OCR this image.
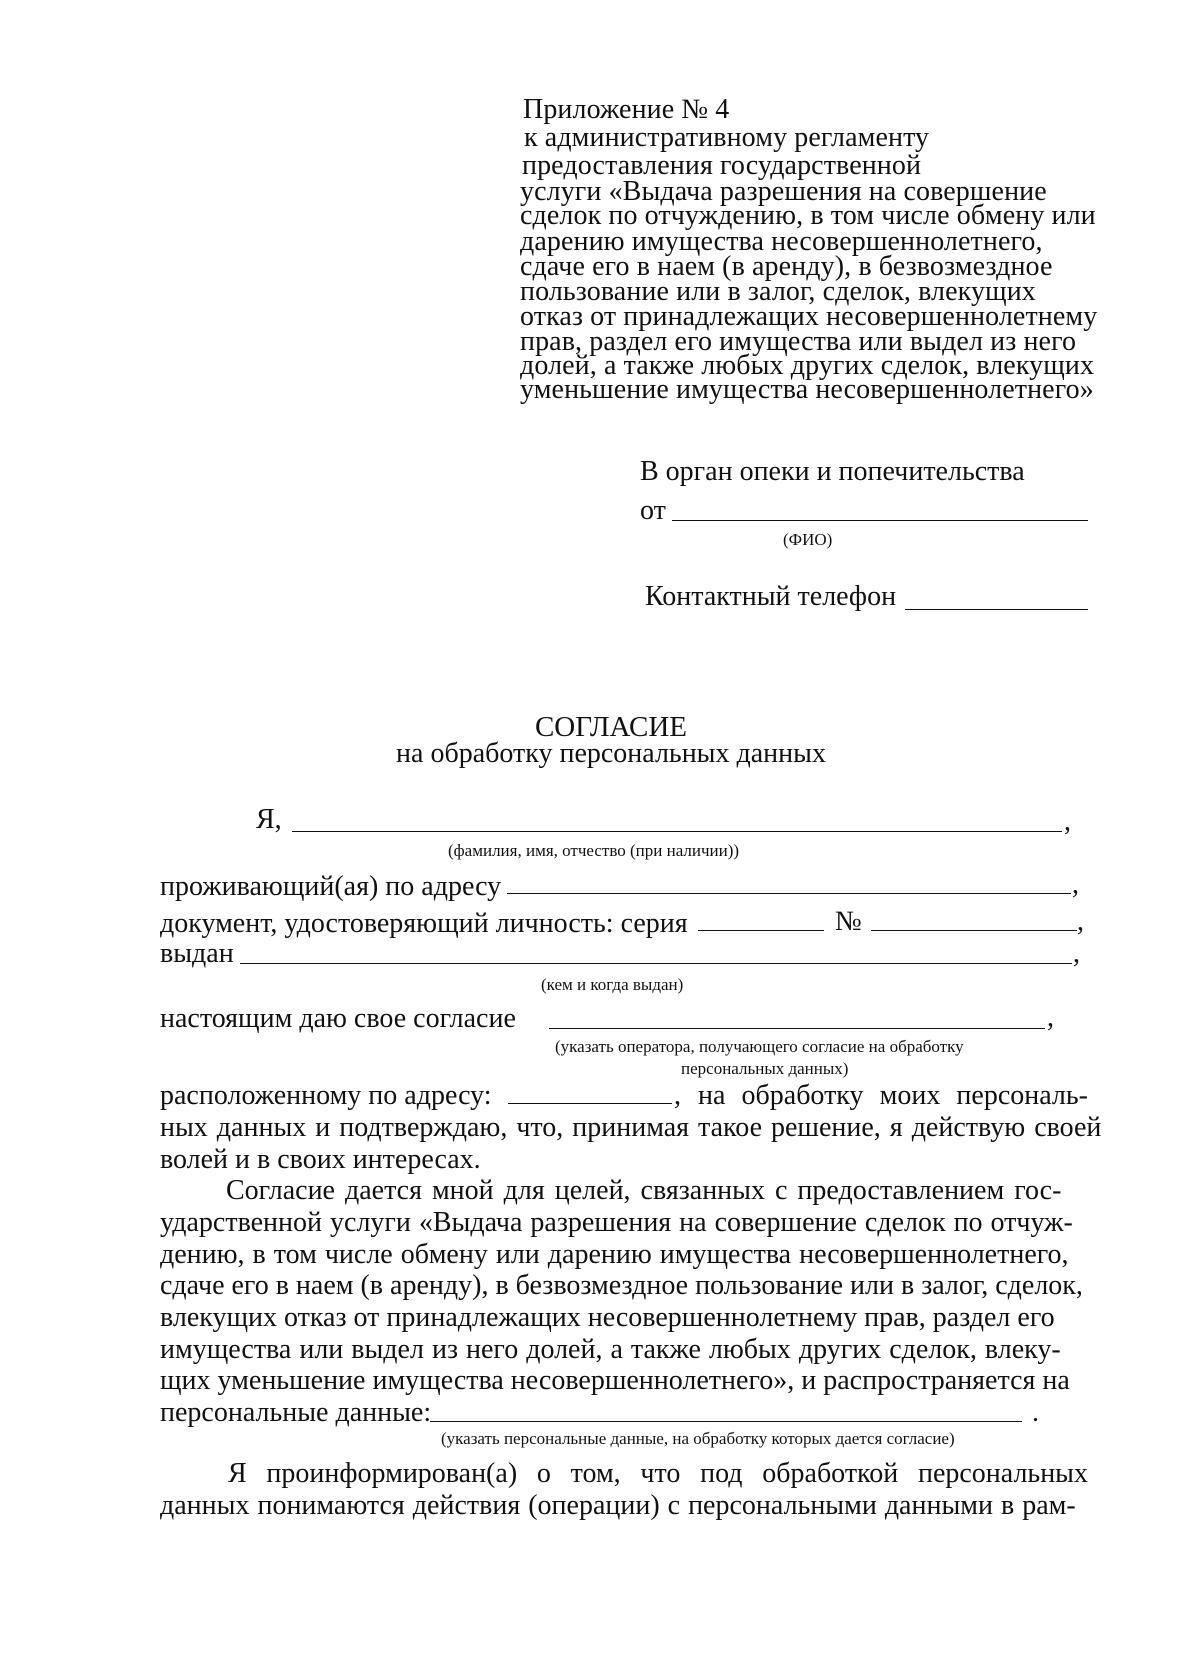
Приложение № 4
к административному регламенту
предоставления государственной
услуги «Выдача разрешения на совершение
сделок по отчуждению, в том числе обмену или
дарению имущества несовершеннолетнего,
сдаче его в наем (в аренду), в безвозмездное
пользование или в залог, сделок, влекущих
отказ от принадлежащих несовершеннолетнему
прав, раздел его имущества или выдел из него
долей, а также любых других сделок, влекущих
уменьшение имущества несовершеннолетнего»
В орган опеки и попечительства
от
(ФИО)
Контактный телефон
СОГЛАСИЕ
на обработку персональных данных
Я,	,
(фамилия, имя, отчество (при наличии))
проживающий(ая) по адресу	,
документ, удостоверяющий личность: серия	№	,
выдан	,
(кем и когда выдан)
настоящим даю свое согласие	,
(указать оператора, получающего согласие на обработку
персональных данных)
расположенному по адресу:	, на обработку моих персональ-
ных данных и подтверждаю, что, принимая такое решение, я действую своей
волей и в своих интересах.
Согласие дается мной для целей, связанных с предоставлением гос-
ударственной услуги «Выдача разрешения на совершение сделок по отчуж-
дению, в том числе обмену или дарению имущества несовершеннолетнего,
сдаче его в наем (в аренду), в безвозмездное пользование или в залог, сделок,
влекущих отказ от принадлежащих несовершеннолетнему прав, раздел его
имущества или выдел из него долей, а также любых других сделок, влеку-
щих уменьшение имущества несовершеннолетнего», и распространяется на
персональные данные:	.
(указать персональные данные, на обработку которых дается согласие)
Я проинформирован(а) о том, что под обработкой персональных
данных понимаются действия (операции) с персональными данными в рам-
